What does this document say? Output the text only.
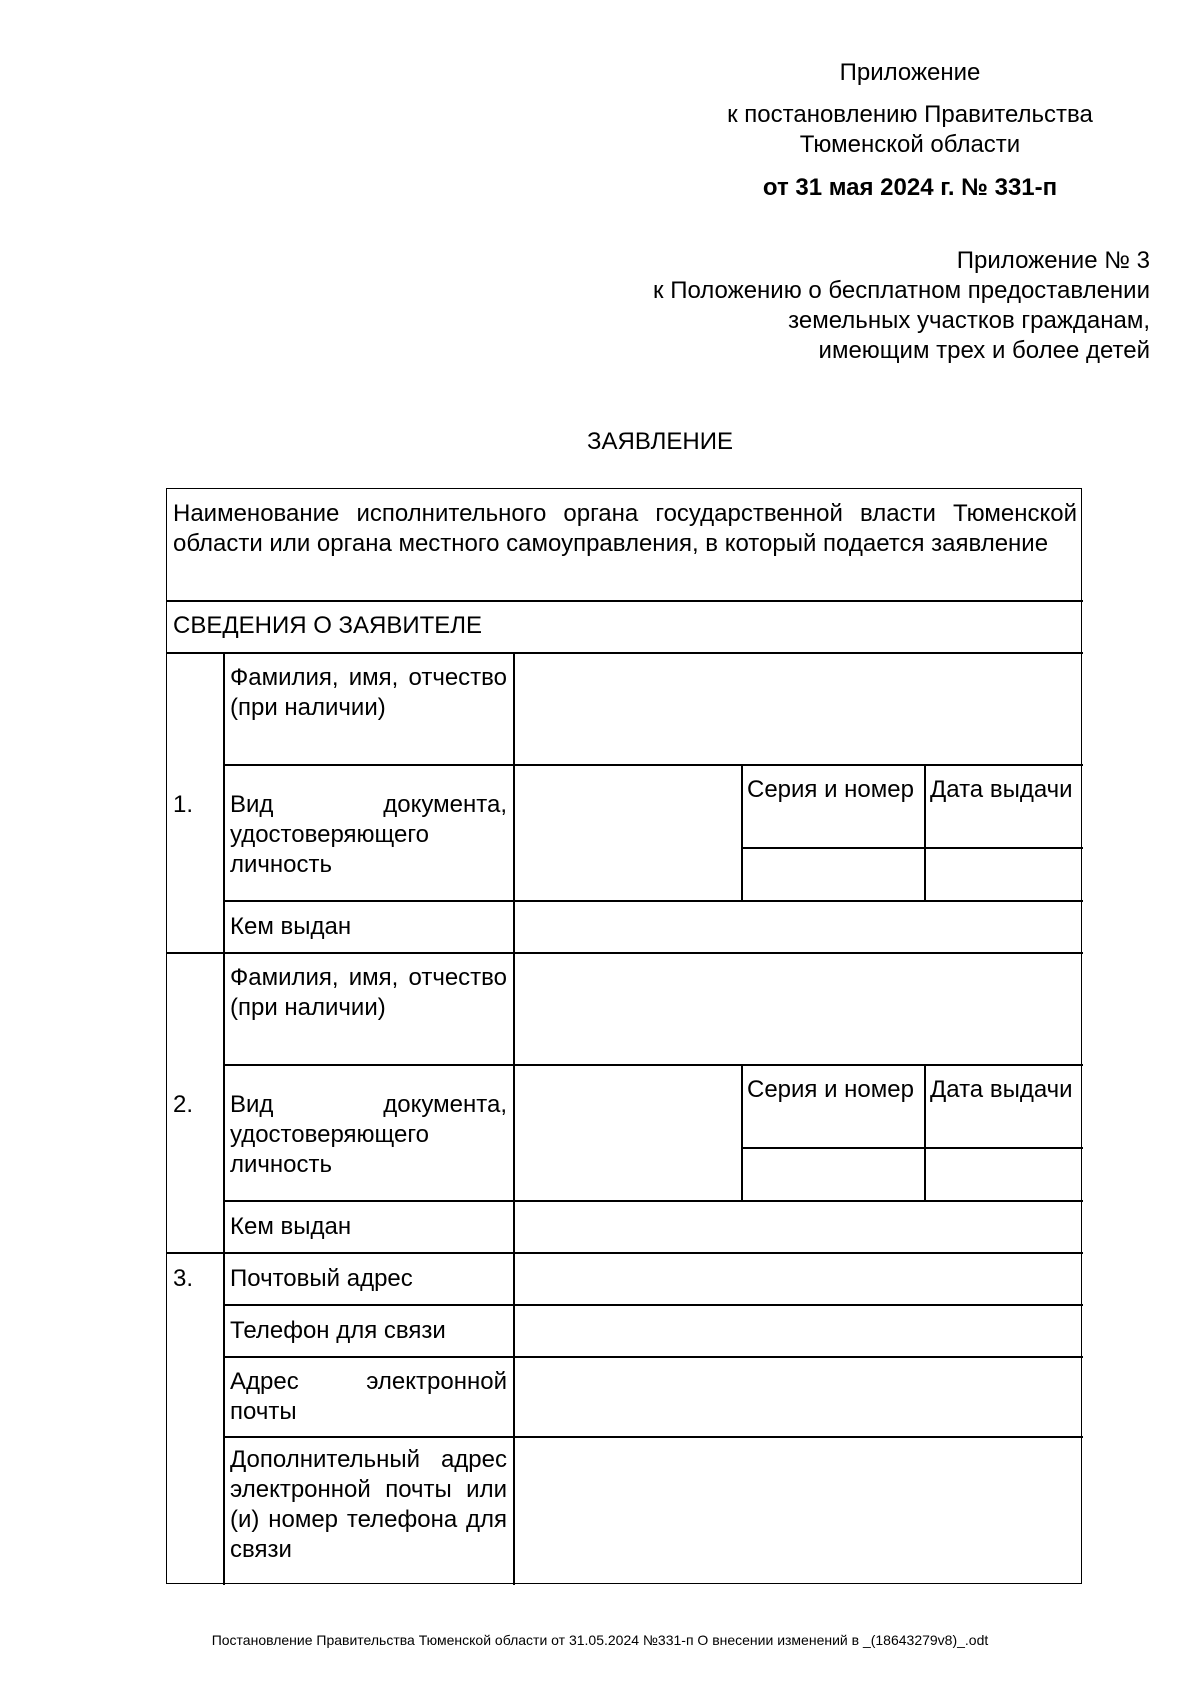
Приложение
к постановлению Правительства
Тюменской области
от 31 мая 2024 г. № 331-п
Приложение № 3
к Положению о бесплатном предоставлении
земельных участков гражданам,
имеющим трех и более детей
ЗАЯВЛЕНИЕ
Наименование исполнительного органа государственной власти Тюменской области или органа местного самоуправления, в который подается заявление
СВЕДЕНИЯ О ЗАЯВИТЕЛЕ
1.
Фамилия, имя, отчество (при наличии)
Вид документа, удостоверяющего личность
Серия и номер Дата выдачи
Кем выдан
2.
Фамилия, имя, отчество (при наличии)
Вид документа, удостоверяющего личность
Серия и номер Дата выдачи
Кем выдан
3.	Почтовый адрес
Телефон для связи
Адрес электронной почты
Дополнительный адрес электронной почты или (и) номер телефона для связи
Постановление Правительства Тюменской области от 31.05.2024 №331-п О внесении изменений в _(18643279v8)_.odt
